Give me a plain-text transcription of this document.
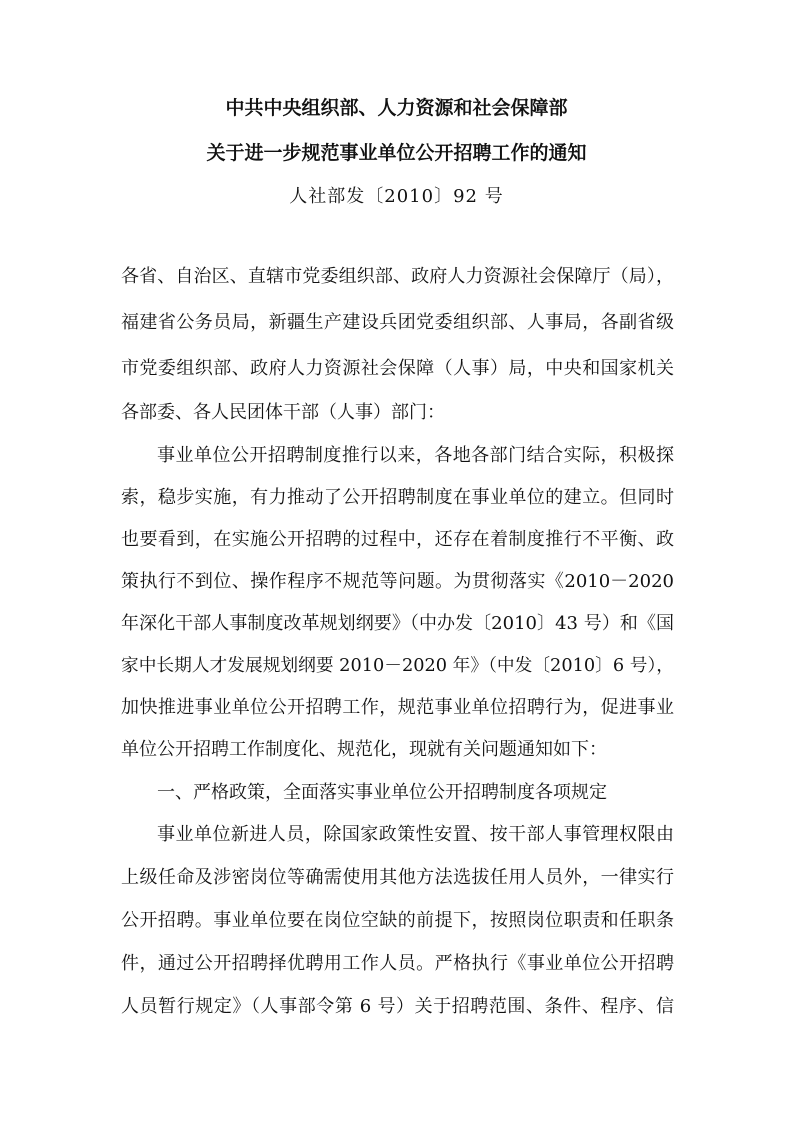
中共中央组织部、人力资源和社会保障部
关于进一步规范事业单位公开招聘工作的通知
人社部发〔2010〕92 号
各省、自治区、直辖市党委组织部、政府人力资源社会保障厅（局），
福建省公务员局，新疆生产建设兵团党委组织部、人事局，各副省级
市党委组织部、政府人力资源社会保障（人事）局，中央和国家机关
各部委、各人民团体干部（人事）部门：
事业单位公开招聘制度推行以来，各地各部门结合实际，积极探
索，稳步实施，有力推动了公开招聘制度在事业单位的建立。但同时
也要看到，在实施公开招聘的过程中，还存在着制度推行不平衡、政
策执行不到位、操作程序不规范等问题。为贯彻落实《2010－2020
年深化干部人事制度改革规划纲要》（中办发〔2010〕43 号）和《国
家中长期人才发展规划纲要 2010－2020 年》（中发〔2010〕6 号），
加快推进事业单位公开招聘工作，规范事业单位招聘行为，促进事业
单位公开招聘工作制度化、规范化，现就有关问题通知如下：
一、严格政策，全面落实事业单位公开招聘制度各项规定
事业单位新进人员，除国家政策性安置、按干部人事管理权限由
上级任命及涉密岗位等确需使用其他方法选拔任用人员外，一律实行
公开招聘。事业单位要在岗位空缺的前提下，按照岗位职责和任职条
件，通过公开招聘择优聘用工作人员。严格执行《事业单位公开招聘
人员暂行规定》（人事部令第 6 号）关于招聘范围、条件、程序、信
